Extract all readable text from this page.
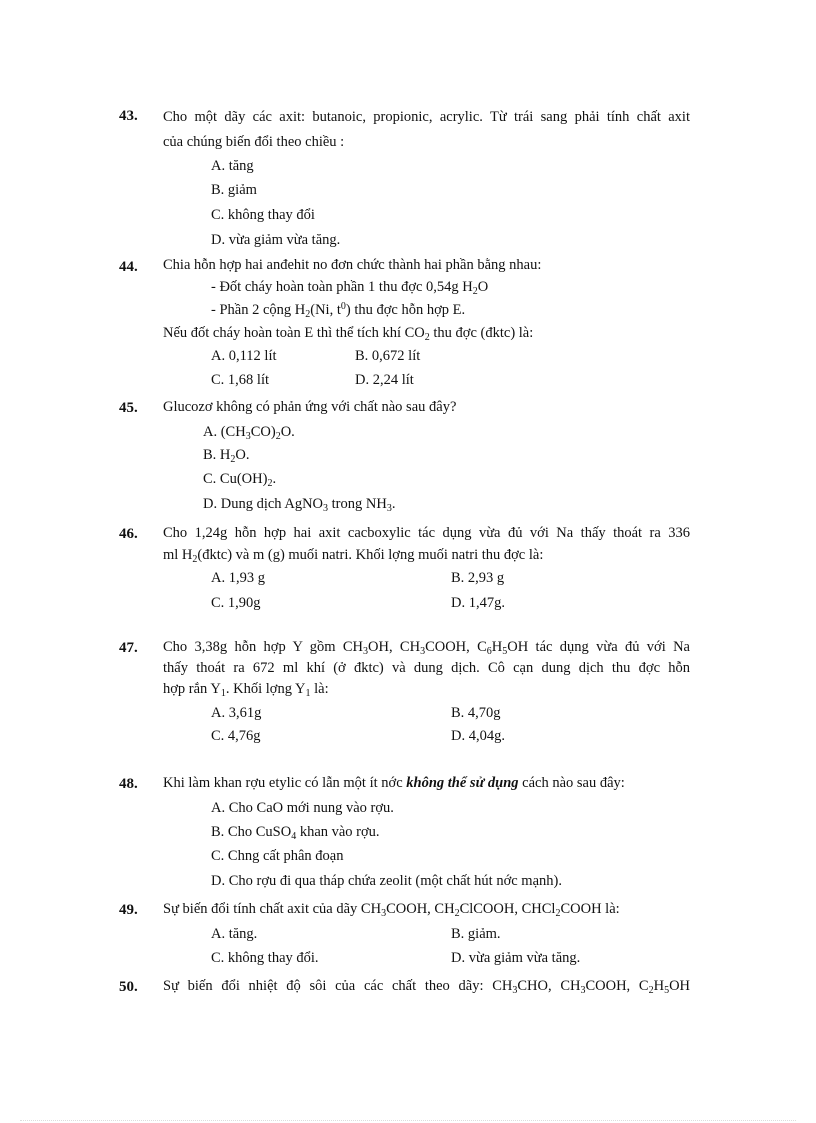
43. Cho một dãy các axit: butanoic, propionic, acrylic. Từ trái sang phải tính chất axit
của chúng biến đổi theo chiều :
A. tăng
B. giảm
C. không thay đổi
D. vừa giảm vừa tăng.
44. Chia hỗn hợp hai anđehit no đơn chức thành hai phần bằng nhau:
- Đốt cháy hoàn toàn phần 1 thu đợc 0,54g $H_2O$
- Phần 2 cộng $H_2(Ni$, $t^0$) thu đợc hỗn hợp E.
Nếu đốt cháy hoàn toàn E thì thể tích khí $CO_2$ thu đợc (đktc) là:
A. 0,112 lít	B. 0,672 lít
C. 1,68 lít	D. 2,24 lít
45. Glucozơ không có phản ứng với chất nào sau đây?
A. $(CH_3CO)_2O$.
B. $H_2O$.
C. $Cu(OH)_2$.
D. Dung dịch AgNO$_3$ trong $NH_3$.
46. Cho 1,24g hỗn hợp hai axit cacboxylic tác dụng vừa đủ với Na thấy thoát ra 336
ml $H_2(đktc)$ và m (g) muối natri. Khối lợng muối natri thu đợc là:
A. 1,93 g	B. 2,93 g
C. 1,90g	D. 1,47g.
47. Cho 3,38g hỗn hợp Y gồm $CH_3OH$, $CH_3COOH$, $C_6H_5OH$ tác dụng vừa đủ với Na
thấy thoát ra 672 ml khí (ở đktc) và dung dịch. Cô cạn dung dịch thu đợc hỗn
hợp rắn $Y_1$. Khối lợng $Y_1$ là:
A. 3,61g	B. 4,70g
C. 4,76g	D. 4,04g.
48. Khi làm khan rợu etylic có lẫn một ít nớc không thể sử dụng cách nào sau đây:
A. Cho CaO mới nung vào rợu.
B. Cho CuSO$_4$ khan vào rợu.
C. Chng cất phân đoạn
D. Cho rợu đi qua tháp chứa zeolit (một chất hút nớc mạnh).
49. Sự biến đổi tính chất axit của dãy $CH_3COOH$, $CH_2ClCOOH$, CHCl$_2$COOH là:
A. tăng.	B. giảm.
C. không thay đổi.	D. vừa giảm vừa tăng.
50. Sự biến đổi nhiệt độ sôi của các chất theo dãy: $CH_3CHO$, $CH_3COOH$, $C_2H_5OH$
